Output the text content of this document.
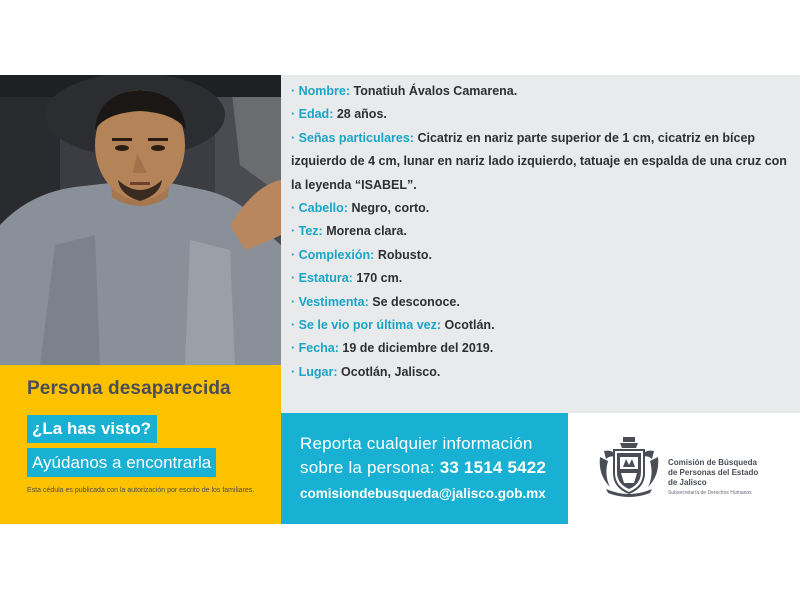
Persona desaparecida
¿La has visto?
Ayúdanos a encontrarla
Esta cédula es publicada con la autorización por escrito de los familiares.
· Nombre: Tonatiuh Ávalos Camarena.
· Edad: 28 años.
· Señas particulares: Cicatriz en nariz parte superior de 1 cm, cicatriz en bícep izquierdo de 4 cm, lunar en nariz lado izquierdo, tatuaje en espalda de una cruz con la leyenda “ISABEL”.
· Cabello: Negro, corto.
· Tez: Morena clara.
· Complexión: Robusto.
· Estatura: 170 cm.
· Vestimenta: Se desconoce.
· Se le vio por última vez: Ocotlán.
· Fecha: 19 de diciembre del 2019.
· Lugar: Ocotlán, Jalisco.
Reporta cualquier información
sobre la persona: 33 1514 5422
comisiondebusqueda@jalisco.gob.mx
Comisión de Búsqueda
de Personas del Estado
de Jalisco
Subsecretaría de Derechos Humanos
